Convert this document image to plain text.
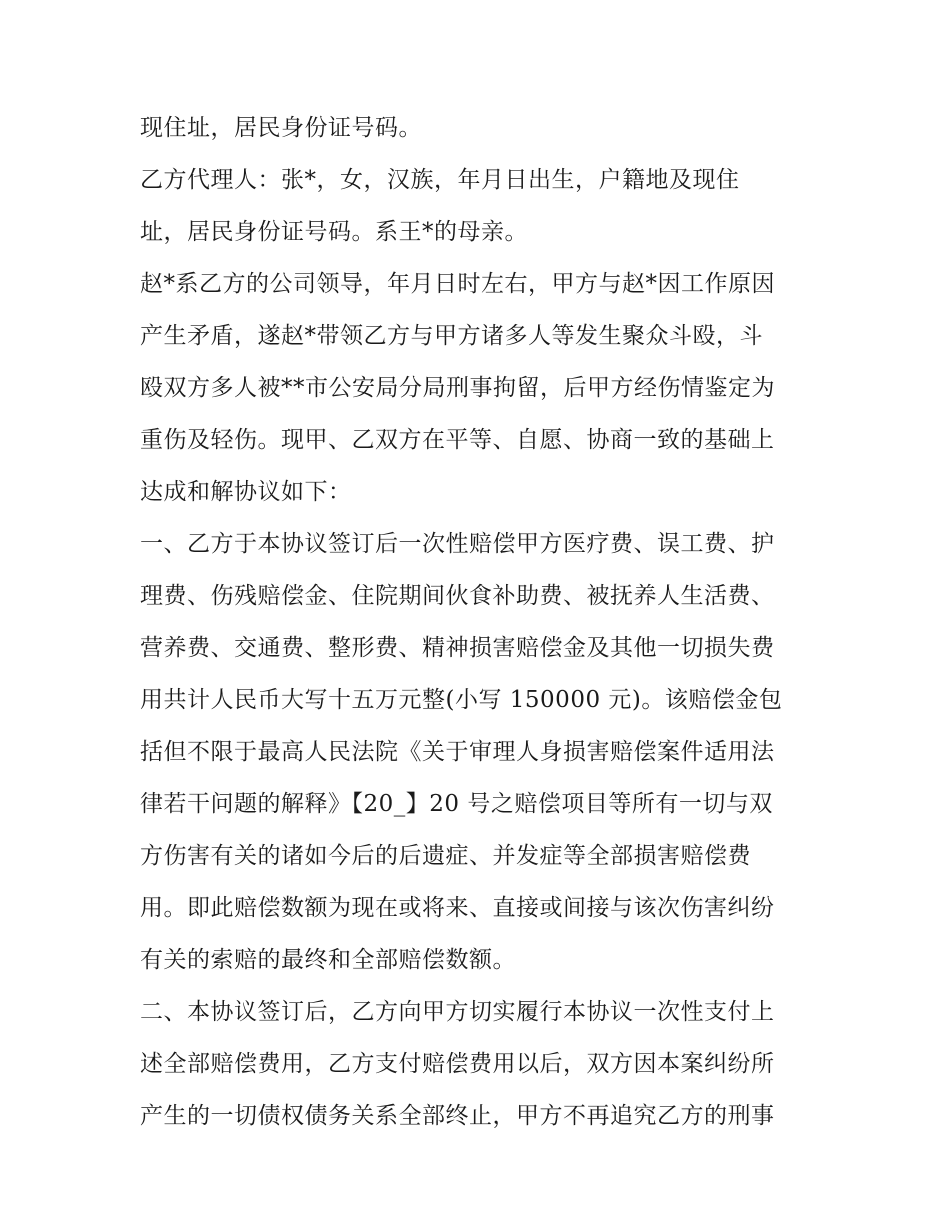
现住址，居民身份证号码。
乙方代理人：张*，女，汉族，年月日出生，户籍地及现住
址，居民身份证号码。系王*的母亲。
赵*系乙方的公司领导，年月日时左右，甲方与赵*因工作原因
产生矛盾，遂赵*带领乙方与甲方诸多人等发生聚众斗殴，斗
殴双方多人被**市公安局分局刑事拘留，后甲方经伤情鉴定为
重伤及轻伤。现甲、乙双方在平等、自愿、协商一致的基础上
达成和解协议如下：
一、乙方于本协议签订后一次性赔偿甲方医疗费、误工费、护
理费、伤残赔偿金、住院期间伙食补助费、被抚养人生活费、
营养费、交通费、整形费、精神损害赔偿金及其他一切损失费
用共计人民币大写十五万元整(小写 150000 元)。该赔偿金包
括但不限于最高人民法院《关于审理人身损害赔偿案件适用法
律若干问题的解释》【20_】20 号之赔偿项目等所有一切与双
方伤害有关的诸如今后的后遗症、并发症等全部损害赔偿费
用。即此赔偿数额为现在或将来、直接或间接与该次伤害纠纷
有关的索赔的最终和全部赔偿数额。
二、本协议签订后，乙方向甲方切实履行本协议一次性支付上
述全部赔偿费用，乙方支付赔偿费用以后，双方因本案纠纷所
产生的一切债权债务关系全部终止，甲方不再追究乙方的刑事
